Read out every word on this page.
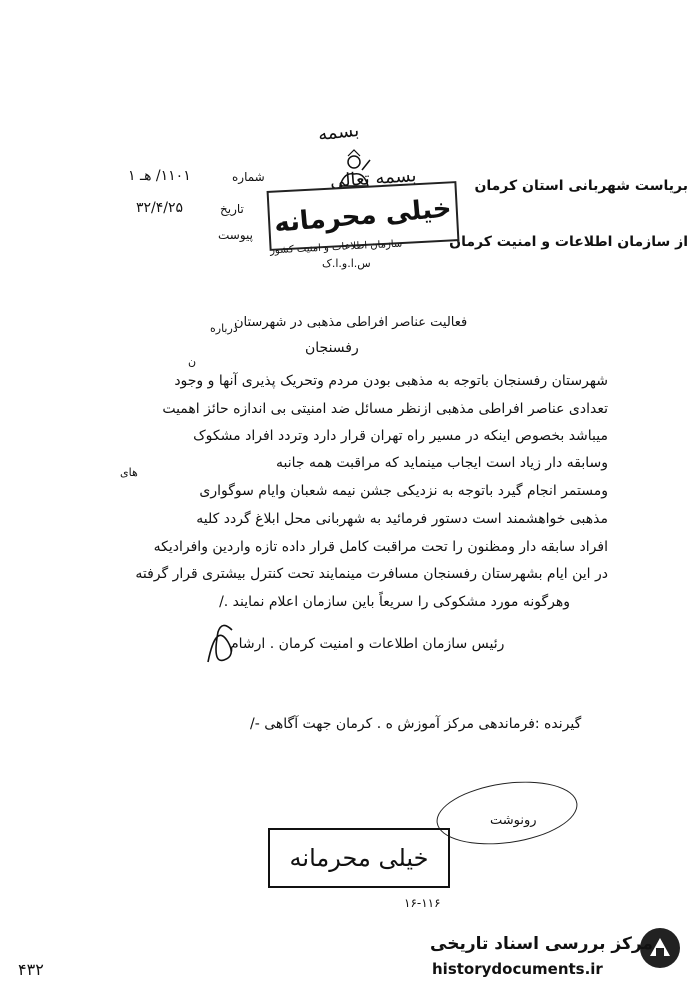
بسمه
بسمه تعالی
خیلی محرمانه
سازمان اطلاعات و امنیت کشور
س.ا.و.ا.ک
شماره
۱۱۰۱/ هـ ۱
تاریخ
۳۲/۴/۲۵
پیوست
بریاست شهربانی استان کرمان
از سازمان اطلاعات و امنیت کرمان
درباره
فعالیت عناصر افراطی مذهبی در شهرستان
رفسنجان
ن
شهرستان رفسنجان باتوجه به مذهبی بودن مردم وتحریک پذیری آنها و وجود
تعدادی عناصر افراطی مذهبی ازنظر مسائل ضد امنیتی بی اندازه حائز اهمیت
میباشد بخصوص اینکه در مسیر راه تهران قرار دارد وتردد افراد مشکوک
وسابقه دار زیاد است ایجاب مینماید که مراقبت همه جانبه
های
ومستمر انجام گیرد باتوجه به نزدیکی جشن نیمه شعبان وایام سوگواری
مذهبی خواهشمند است دستور فرمائید به شهربانی محل ابلاغ گردد کلیه
افراد سابقه دار ومظنون را تحت مراقبت کامل قرار داده تازه واردین وافرادیکه
در این ایام بشهرستان رفسنجان مسافرت مینمایند تحت کنترل بیشتری قرار گرفته
وهرگونه مورد مشکوکی را سریعاً باین سازمان اعلام نمایند ./
رئیس سازمان اطلاعات و امنیت کرمان . ارشام
گیرنده :فرماندهی مرکز آموزش ه . کرمان جهت آگاهی -/
رونوشت
خیلی محرمانه
۱۶-۱۱۶
۴۳۲
مرکز بررسی اسناد تاریخی
historydocuments.ir
